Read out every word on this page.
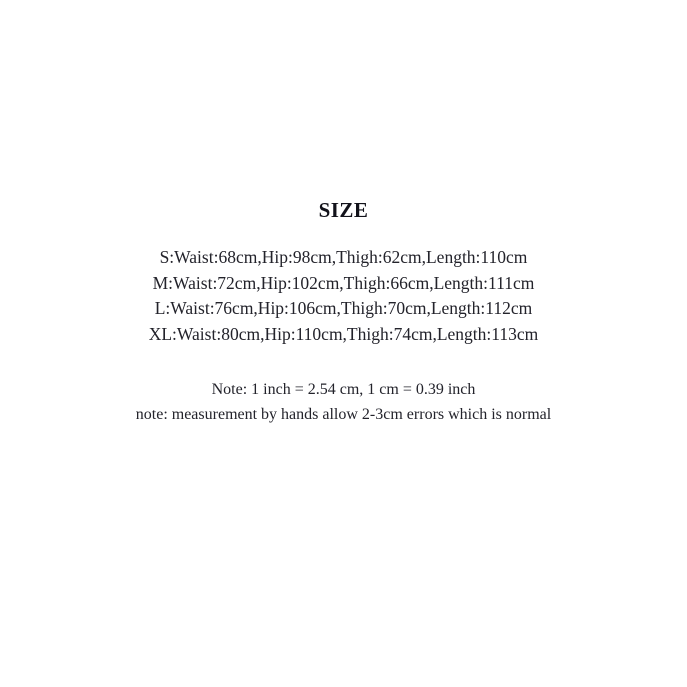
SIZE
S:Waist:68cm,Hip:98cm,Thigh:62cm,Length:110cm
M:Waist:72cm,Hip:102cm,Thigh:66cm,Length:111cm
L:Waist:76cm,Hip:106cm,Thigh:70cm,Length:112cm
XL:Waist:80cm,Hip:110cm,Thigh:74cm,Length:113cm
Note: 1 inch = 2.54 cm, 1 cm = 0.39 inch
note: measurement by hands allow 2-3cm errors which is normal
